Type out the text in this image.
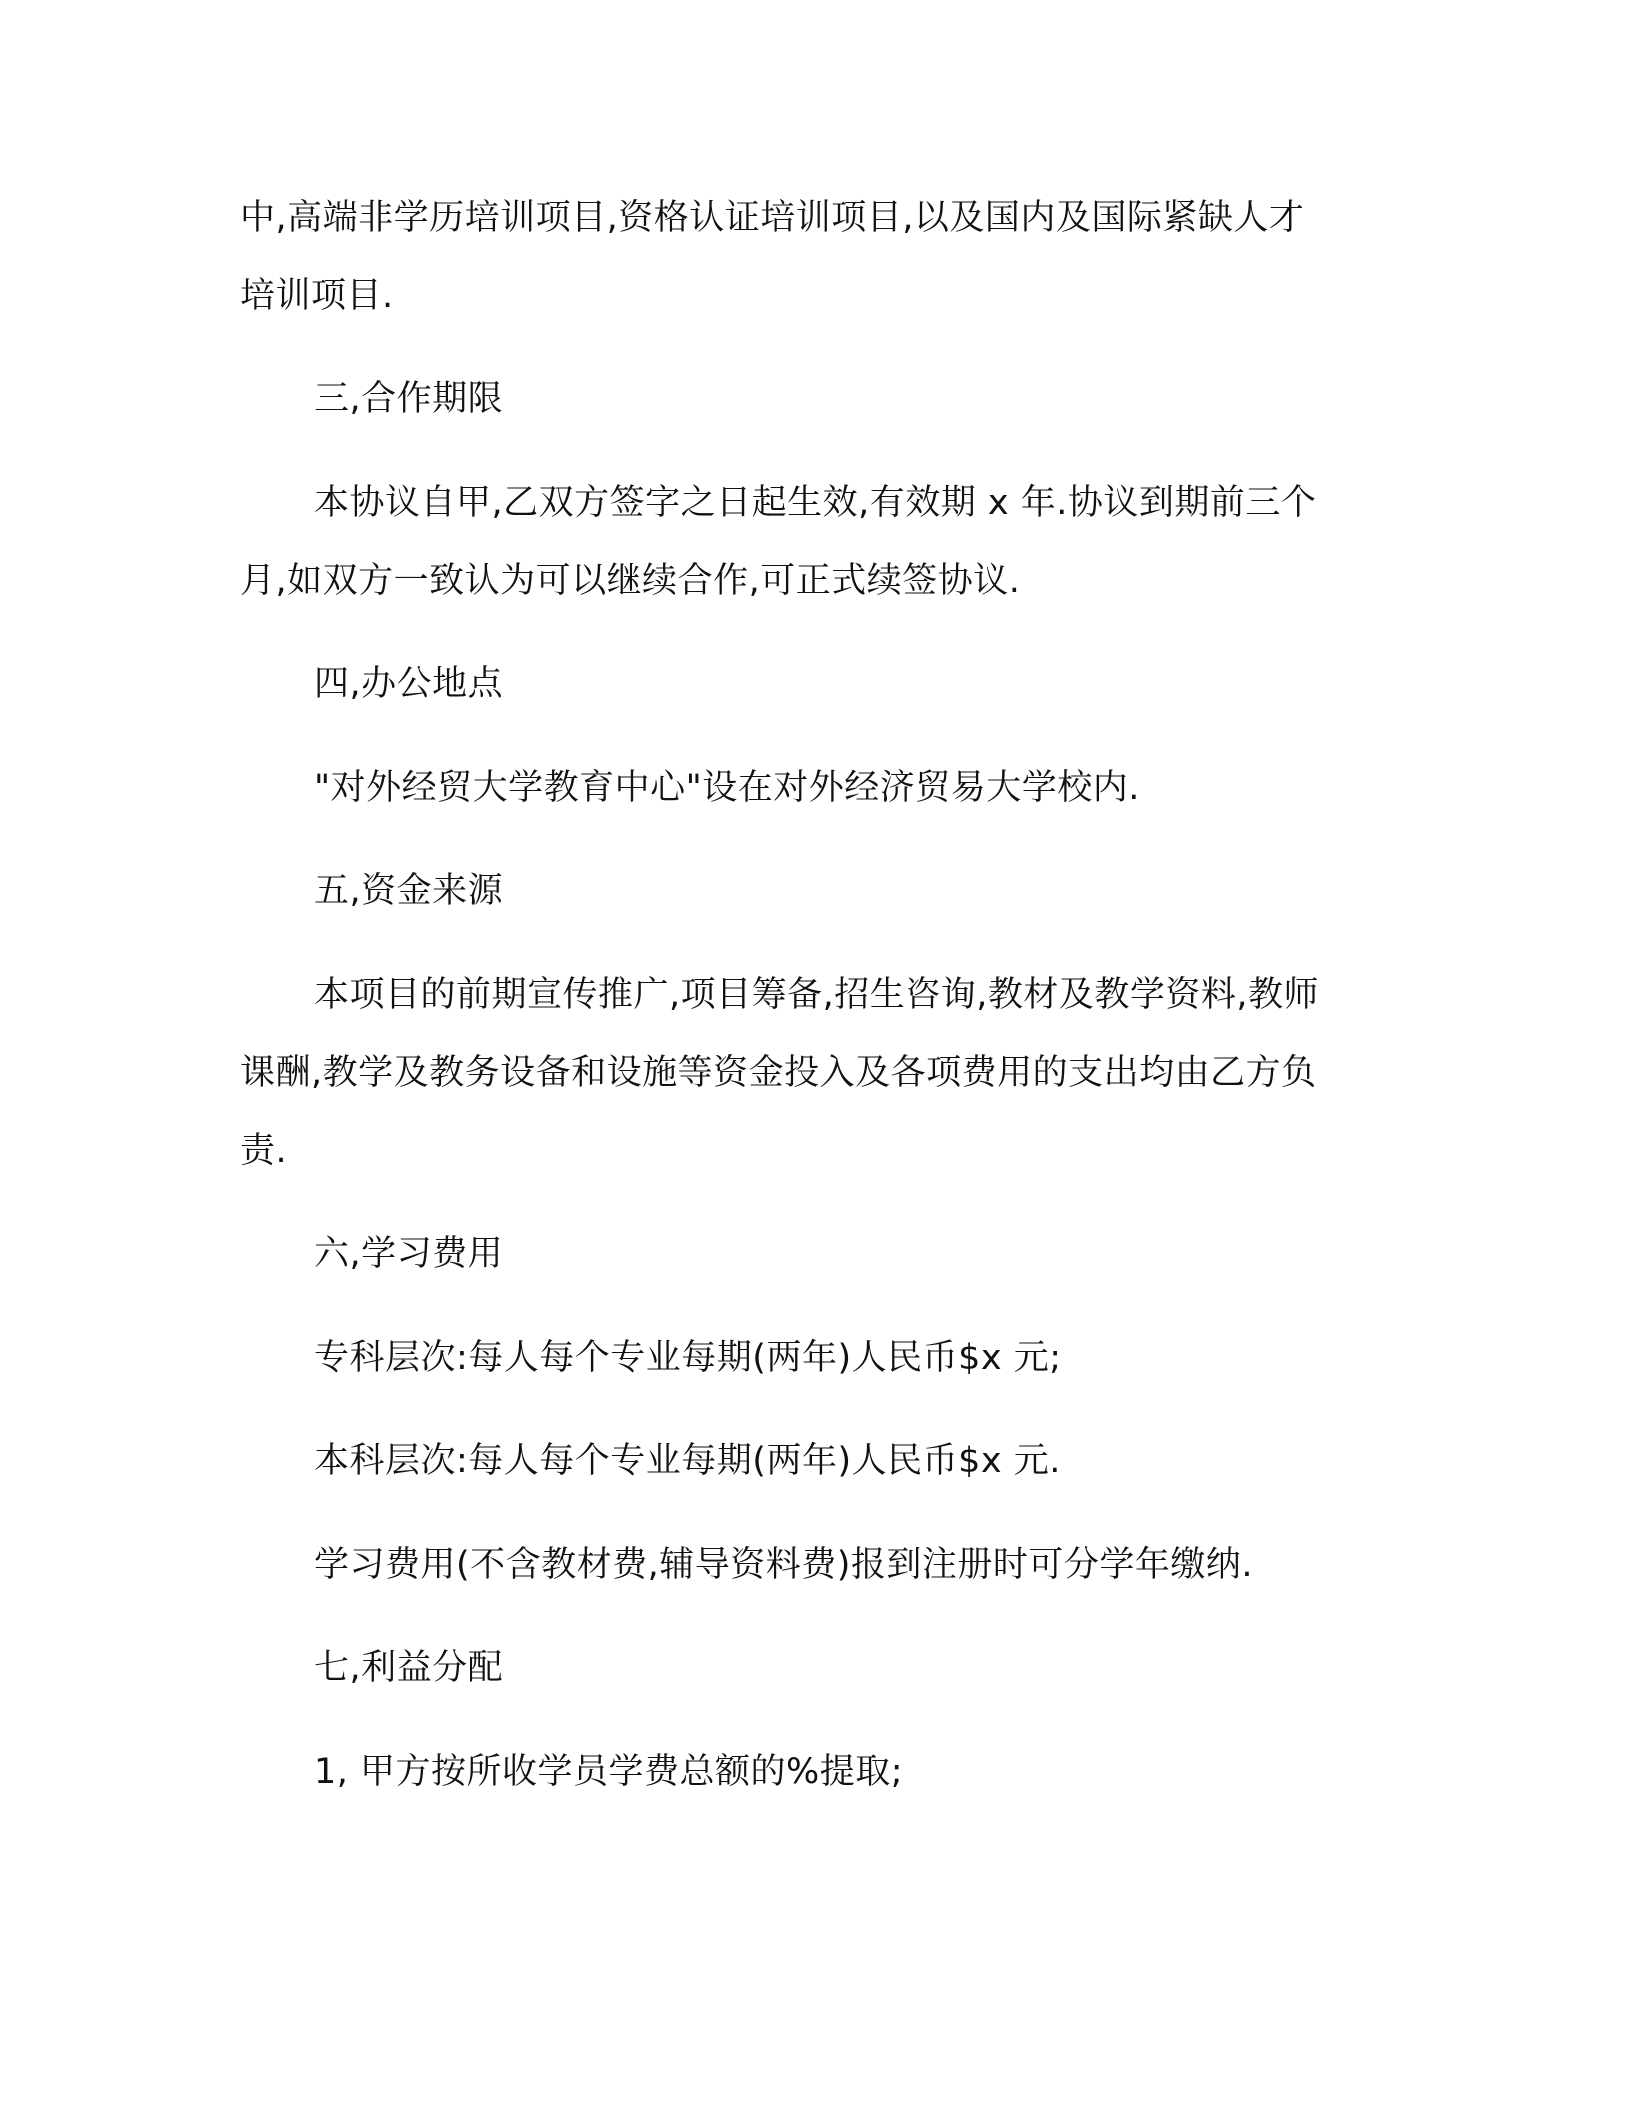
中,高端非学历培训项目,资格认证培训项目,以及国内及国际紧缺人才

培训项目.

三,合作期限

本协议自甲,乙双方签字之日起生效,有效期 x 年.协议到期前三个

月,如双方一致认为可以继续合作,可正式续签协议.

四,办公地点

"对外经贸大学教育中心"设在对外经济贸易大学校内.

五,资金来源

本项目的前期宣传推广,项目筹备,招生咨询,教材及教学资料,教师

课酬,教学及教务设备和设施等资金投入及各项费用的支出均由乙方负

责.

六,学习费用

专科层次:每人每个专业每期(两年)人民币$x 元;

本科层次:每人每个专业每期(两年)人民币$x 元.

学习费用(不含教材费,辅导资料费)报到注册时可分学年缴纳.

七,利益分配

1, 甲方按所收学员学费总额的%提取;
